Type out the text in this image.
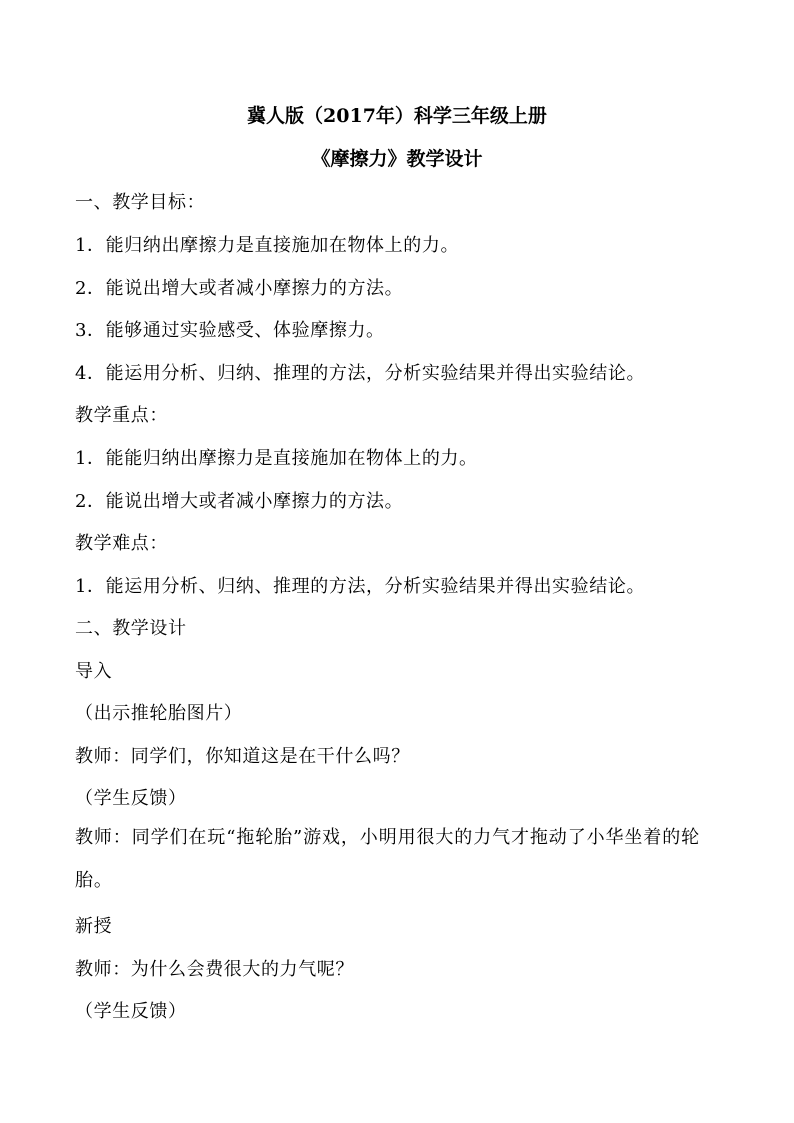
冀人版（2017年）科学三年级上册
《摩擦力》教学设计
一、教学目标：
1．能归纳出摩擦力是直接施加在物体上的力。
2．能说出增大或者减小摩擦力的方法。
3．能够通过实验感受、体验摩擦力。
4．能运用分析、归纳、推理的方法，分析实验结果并得出实验结论。
教学重点：
1．能能归纳出摩擦力是直接施加在物体上的力。
2．能说出增大或者减小摩擦力的方法。
教学难点：
1．能运用分析、归纳、推理的方法，分析实验结果并得出实验结论。
二、教学设计
导入
（出示推轮胎图片）
教师：同学们，你知道这是在干什么吗？
（学生反馈）
教师：同学们在玩“拖轮胎”游戏，小明用很大的力气才拖动了小华坐着的轮胎。
新授
教师：为什么会费很大的力气呢？
（学生反馈）
